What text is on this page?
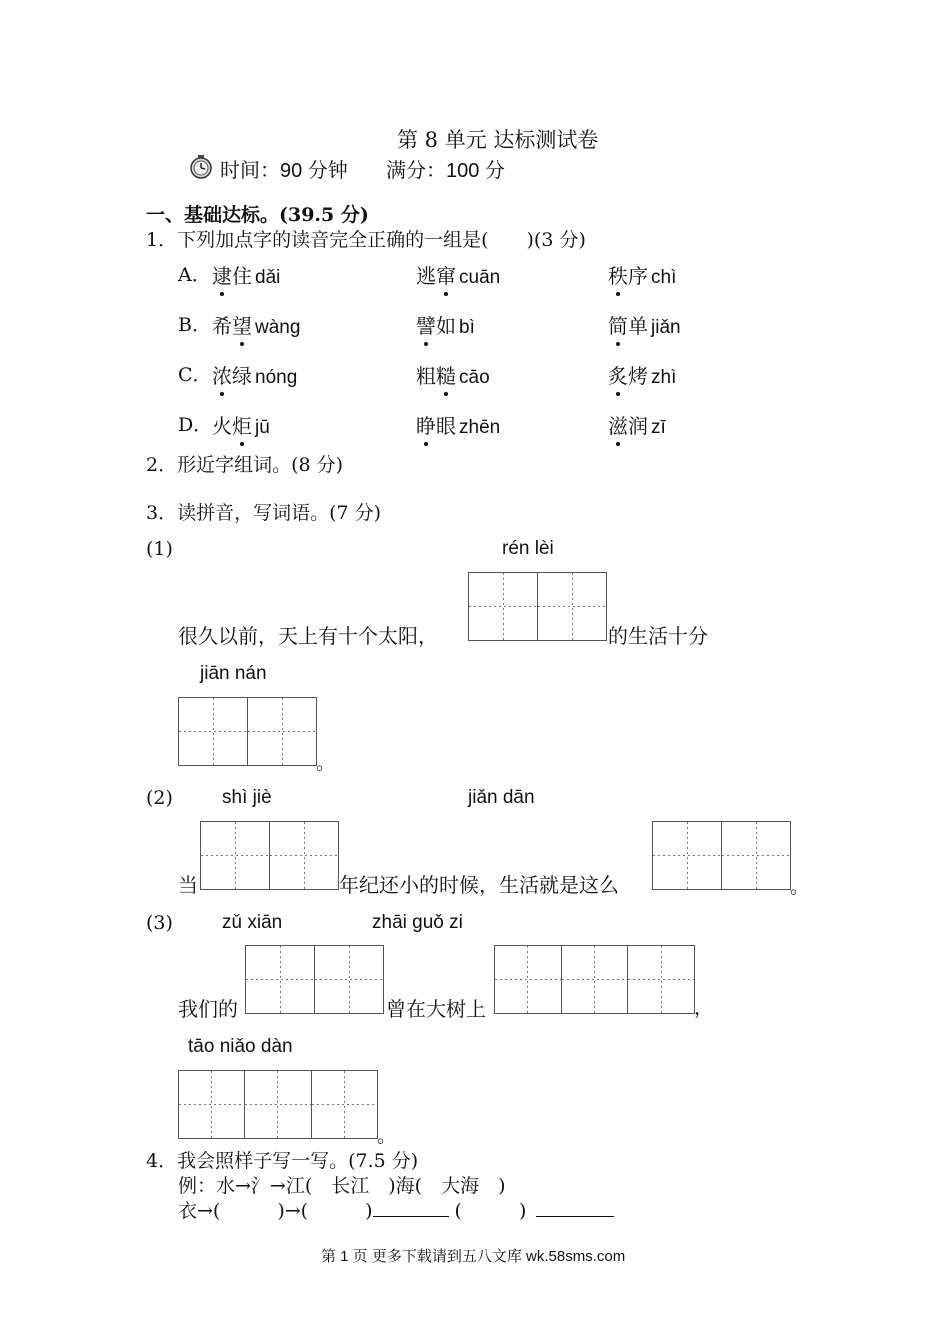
第 8 单元 达标测试卷
时间：90 分钟 满分：100 分
一、基础达标。(39.5 分)
1．下列加点字的读音完全正确的一组是(　　)(3 分)
A． 逮住 dǎi	逃窜 cuān	秩序 chì
B． 希望 wàng	譬如 bì	简单 jiǎn
C． 浓绿 nóng	粗糙 cāo	炙烤 zhì
D． 火炬 jū	睁眼 zhēn	滋润 zī
2．形近字组词。(8 分)
3．读拼音，写词语。(7 分)
(1)	rén lèi
很久以前，天上有十个太阳，	的生活十分
jiān nán
。
(2)	shì jiè	jiǎn dān
当	年纪还小的时候，生活就是这么	。
(3)	zǔ xiān	zhāi guǒ zi
我们的	曾在大树上	，
tāo niǎo dàn
。
4．我会照样子写一写。(7.5 分)
例：水→氵→江(　长江　)海(　大海　)
衣→(　　　)→(　　　)	(　　　)
第 1 页 更多下载请到五八文库 wk.58sms.com
